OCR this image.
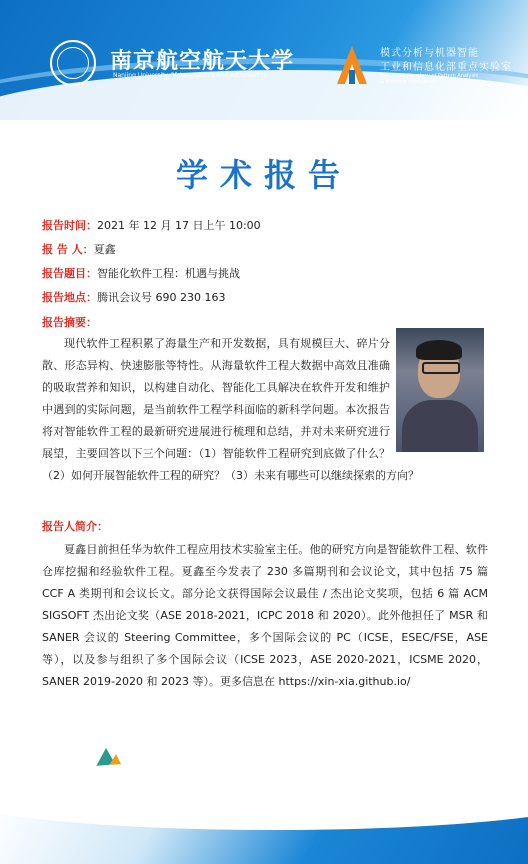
南京航空航天大学
Nanjing University Of Aeronautics And Astronautics
模式分析与机器智能
工业和信息化部重点实验室
MIIT Key Laboratory of Pattern Analysis & Machine Intelligence
学术报告
报告时间：2021 年 12 月 17 日上午 10:00
报 告 人：夏鑫
报告题目：智能化软件工程：机遇与挑战
报告地点：腾讯会议号 690 230 163
报告摘要：
现代软件工程积累了海量生产和开发数据，具有规模巨大、碎片分散、形态异构、快速膨胀等特性。从海量软件工程大数据中高效且准确的吸取营养和知识，以构建自动化、智能化工具解决在软件开发和维护中遇到的实际问题，是当前软件工程学科面临的新科学问题。本次报告将对智能软件工程的最新研究进展进行梳理和总结，并对未来研究进行展望，主要回答以下三个问题：（1）智能软件工程研究到底做了什么？（2）如何开展智能软件工程的研究？（3）未来有哪些可以继续探索的方向？
报告人简介：
夏鑫目前担任华为软件工程应用技术实验室主任。他的研究方向是智能软件工程、软件仓库挖掘和经验软件工程。夏鑫至今发表了 230 多篇期刊和会议论文，其中包括 75 篇 CCF A 类期刊和会议长文。部分论文获得国际会议最佳 / 杰出论文奖项，包括 6 篇 ACM SIGSOFT 杰出论文奖（ASE 2018-2021，ICPC 2018 和 2020）。此外他担任了 MSR 和 SANER 会议的 Steering Committee，多个国际会议的 PC（ICSE，ESEC/FSE，ASE 等），以及参与组织了多个国际会议（ICSE 2023，ASE 2020-2021，ICSME 2020，SANER 2019-2020 和 2023 等）。更多信息在 https://xin-xia.github.io/
